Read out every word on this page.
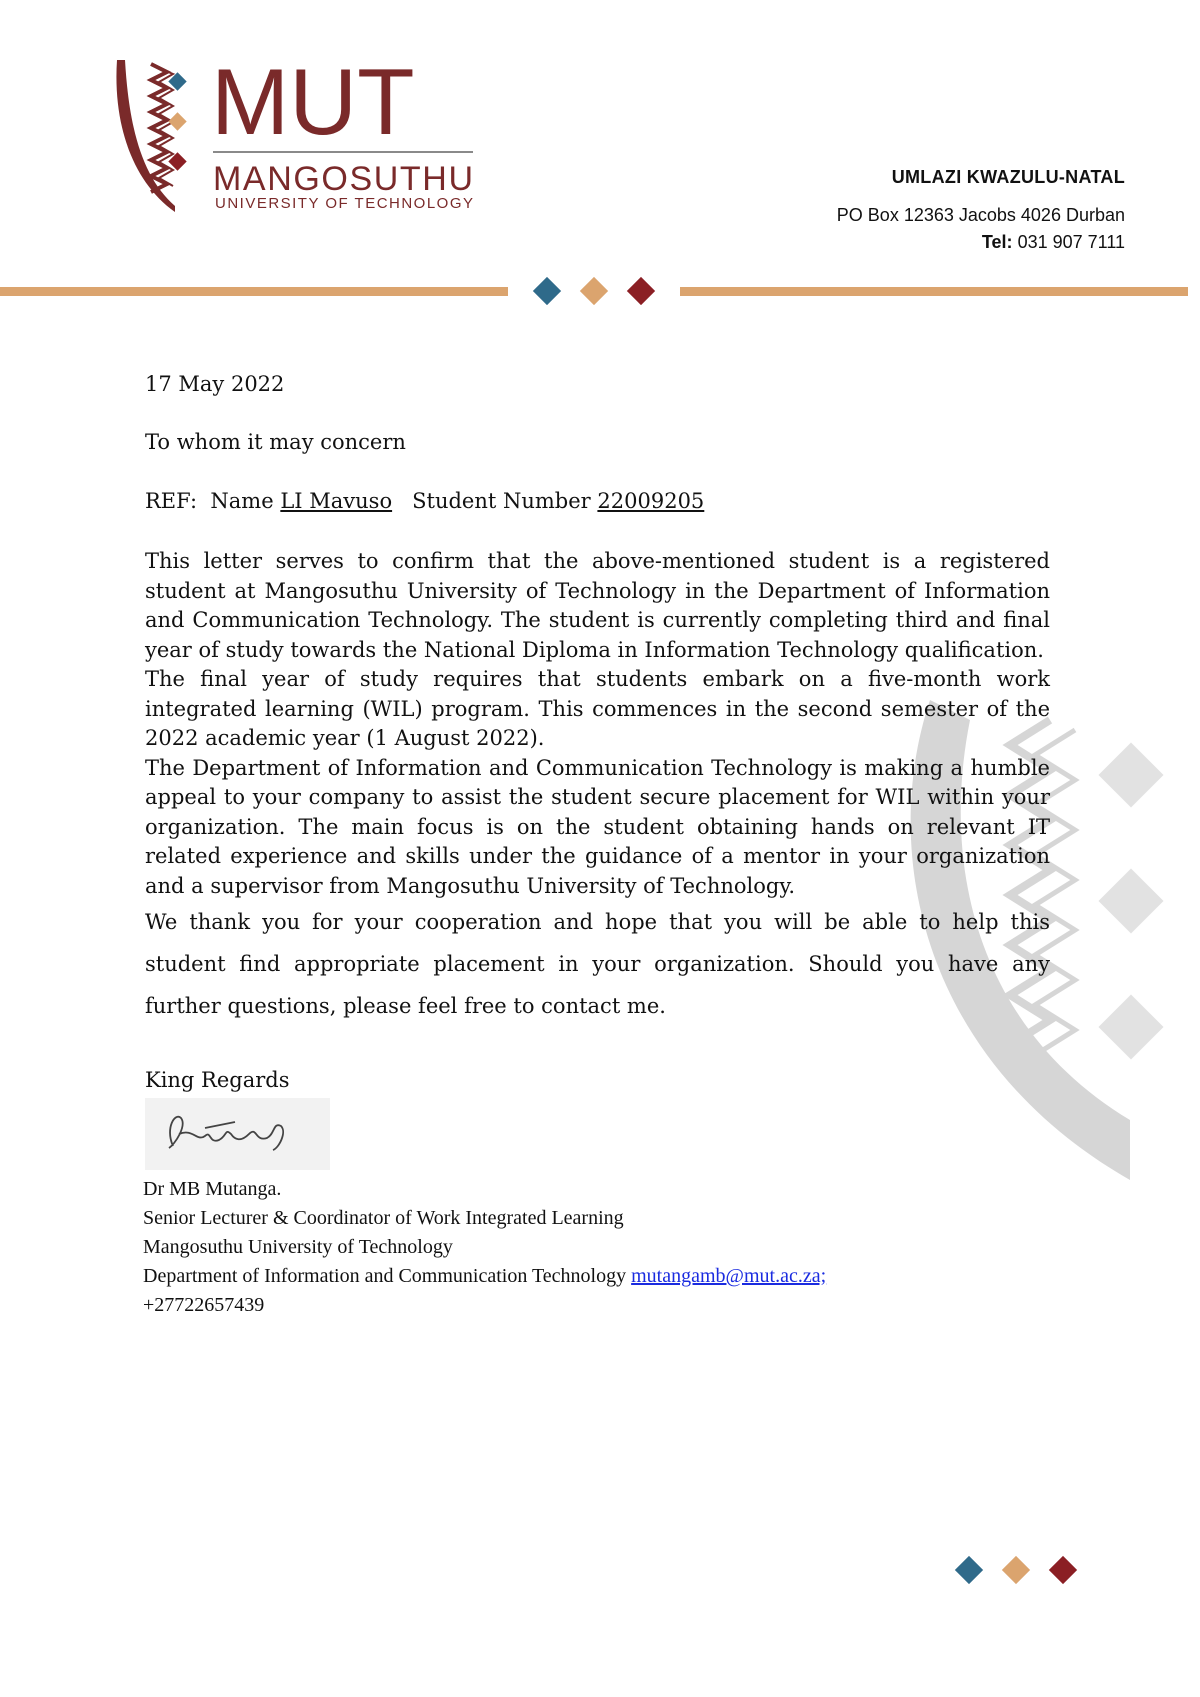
MUT
MANGOSUTHU
UNIVERSITY OF TECHNOLOGY
UMLAZI KWAZULU-NATAL
PO Box 12363 Jacobs 4026 Durban
Tel: 031 907 7111
17 May 2022
To whom it may concern
REF: Name LI Mavuso Student Number 22009205

This letter serves to confirm that the above-mentioned student is a registered student at Mangosuthu University of Technology in the Department of Information and Communication Technology. The student is currently completing third and final year of study towards the National Diploma in Information Technology qualification.

The final year of study requires that students embark on a five-month work integrated learning (WIL) program. This commences in the second semester of the 2022 academic year (1 August 2022).

The Department of Information and Communication Technology is making a humble appeal to your company to assist the student secure placement for WIL within your organization. The main focus is on the student obtaining hands on relevant IT related experience and skills under the guidance of a mentor in your organization and a supervisor from Mangosuthu University of Technology.

We thank you for your cooperation and hope that you will be able to help this student find appropriate placement in your organization. Should you have any further questions, please feel free to contact me.

King Regards
Dr MB Mutanga.
Senior Lecturer & Coordinator of Work Integrated Learning
Mangosuthu University of Technology
Department of Information and Communication Technology mutangamb@mut.ac.za;
+27722657439
